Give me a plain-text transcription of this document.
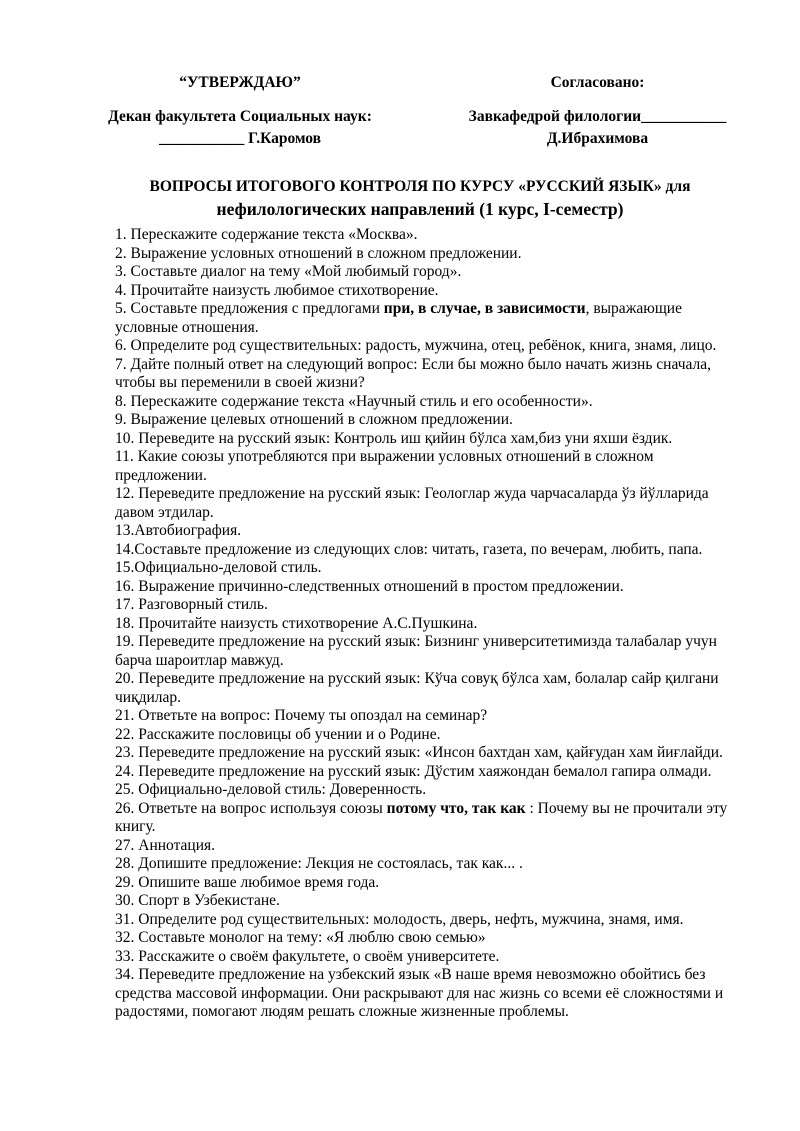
“УТВЕРЖДАЮ”
Декан факультета Социальных наук:
___________ Г.Каромов
Согласовано:
Завкафедрой филологии___________
Д.Ибрахимова
ВОПРОСЫ ИТОГОВОГО КОНТРОЛЯ ПО КУРСУ «РУССКИЙ ЯЗЫК» для
нефилологических направлений (1 курс, I-семестр)
1. Перескажите содержание текста «Москва».
2. Выражение условных отношений в сложном предложении.
3. Составьте диалог на тему «Мой любимый город».
4. Прочитайте наизусть любимое стихотворение.
5. Составьте предложения с предлогами при, в случае, в зависимости, выражающие условные отношения.
6. Определите род существительных: радость, мужчина, отец, ребёнок, книга, знамя, лицо.
7. Дайте полный ответ на следующий вопрос: Если бы можно было начать жизнь сначала, чтобы вы переменили в своей жизни?
8. Перескажите содержание текста «Научный стиль и его особенности».
9. Выражение целевых отношений в сложном предложении.
10. Переведите на русский язык: Контроль иш қийин бўлса хам,биз уни яхши ёздик.
11. Какие союзы употребляются при выражении условных отношений в сложном предложении.
12. Переведите предложение на русский язык: Геологлар жуда чарчасаларда ўз йўлларида давом этдилар.
13.Автобиография.
14.Составьте предложение из следующих слов: читать, газета, по вечерам, любить, папа.
15.Официально-деловой стиль.
16. Выражение причинно-следственных отношений в простом предложении.
17. Разговорный стиль.
18. Прочитайте наизусть стихотворение А.С.Пушкина.
19. Переведите предложение на русский язык: Бизнинг университетимизда талабалар учун барча шароитлар мавжуд.
20. Переведите предложение на русский язык: Кўча совуқ бўлса хам, болалар сайр қилгани чиқдилар.
21. Ответьте на вопрос: Почему ты опоздал на семинар?
22. Расскажите пословицы об учении и о Родине.
23. Переведите предложение на русский язык: «Инсон бахтдан хам, қайғудан хам йиғлайди.
24. Переведите предложение на русский язык: Дўстим хаяжондан бемалол гапира олмади.
25. Официально-деловой стиль: Доверенность.
26. Ответьте на вопрос используя союзы потому что, так как : Почему вы не прочитали эту книгу.
27. Аннотация.
28. Допишите предложение: Лекция не состоялась, так как... .
29. Опишите ваше любимое время года.
30. Спорт в Узбекистане.
31. Определите род существительных: молодость, дверь, нефть, мужчина, знамя, имя.
32. Составьте монолог на тему: «Я люблю свою семью»
33. Расскажите о своём факультете, о своём университете.
34. Переведите предложение на узбекский язык «В наше время невозможно обойтись без средства массовой информации. Они раскрывают для нас жизнь со всеми её сложностями и радостями, помогают людям решать сложные жизненные проблемы.
